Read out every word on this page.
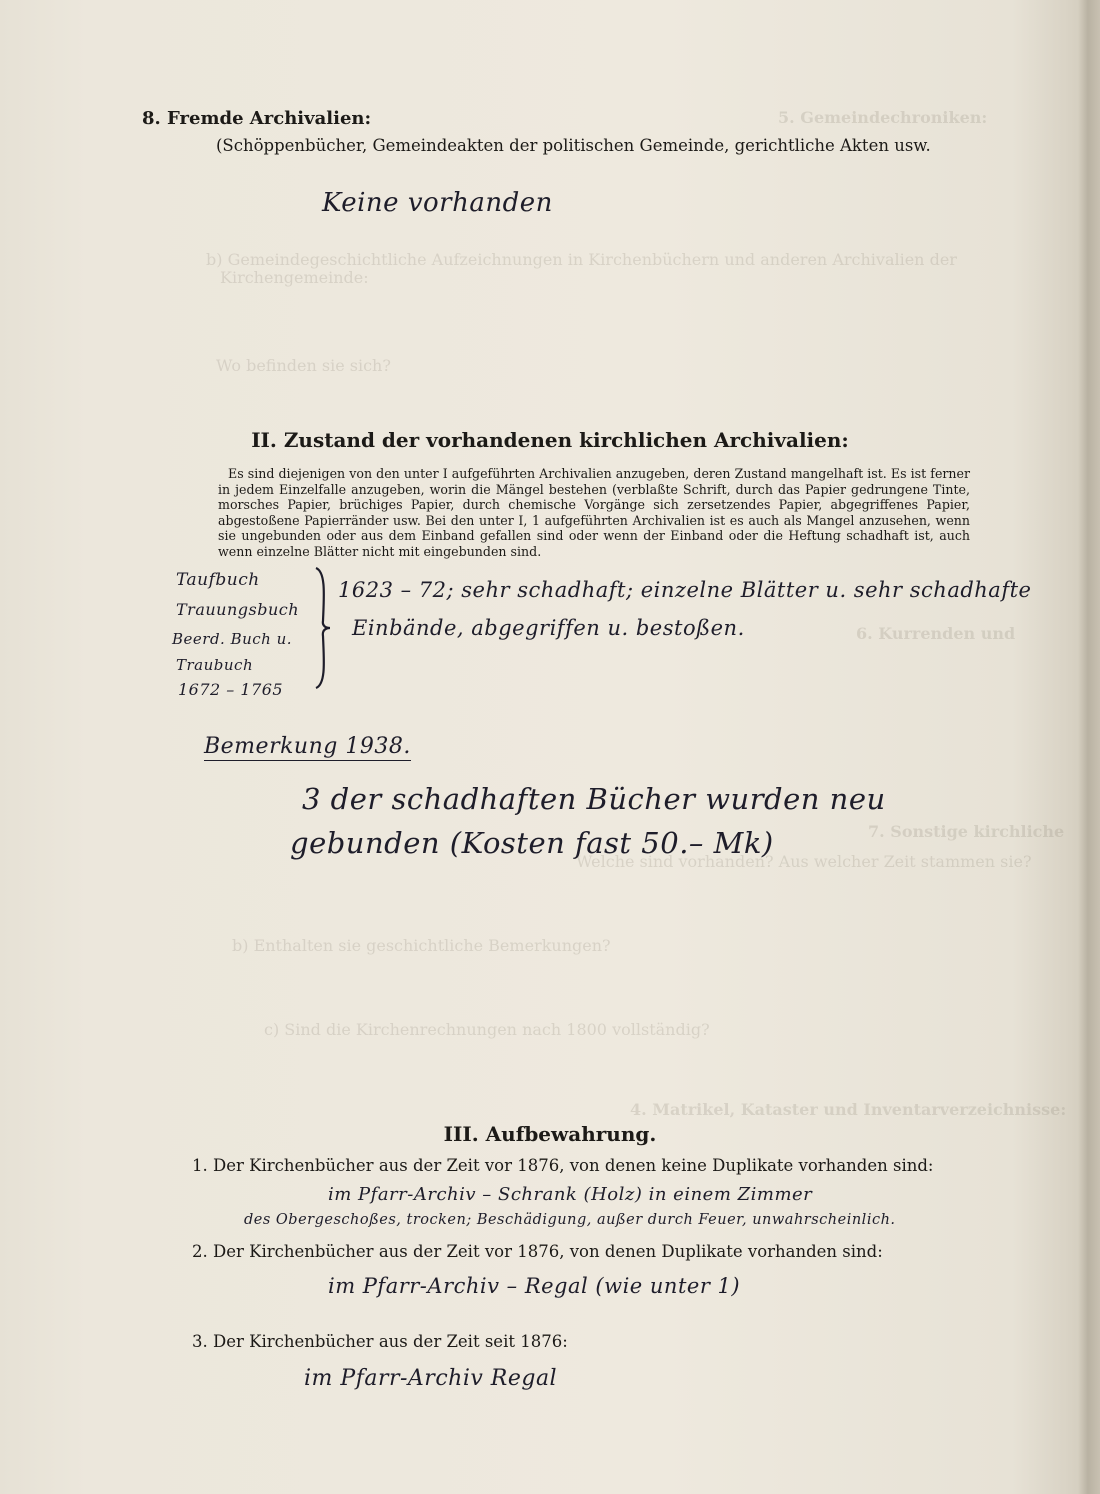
5. Gemeindechroniken:
b) Gemeindegeschichtliche Aufzeichnungen in Kirchenbüchern und anderen Archivalien der
Kirchengemeinde:
Wo befinden sie sich?
6. Kurrenden und
7. Sonstige kirchliche
Welche sind vorhanden? Aus welcher Zeit stammen sie?
b) Enthalten sie geschichtliche Bemerkungen?
c) Sind die Kirchenrechnungen nach 1800 vollständig?
4. Matrikel, Kataster und Inventarverzeichnisse:
8. Fremde Archivalien:
(Schöppenbücher, Gemeindeakten der politischen Gemeinde, gerichtliche Akten usw.
Keine vorhanden
II. Zustand der vorhandenen kirchlichen Archivalien:
Es sind diejenigen von den unter I aufgeführten Archivalien anzugeben, deren Zustand mangelhaft ist. Es ist ferner in jedem Einzelfalle anzugeben, worin die Mängel bestehen (verblaßte Schrift, durch das Papier gedrungene Tinte, morsches Papier, brüchiges Papier, durch chemische Vorgänge sich zersetzendes Papier, abgegriffenes Papier, abgestoßene Papierränder usw. Bei den unter I, 1 aufgeführten Archivalien ist es auch als Mangel anzusehen, wenn sie ungebunden oder aus dem Einband gefallen sind oder wenn der Einband oder die Heftung schadhaft ist, auch wenn einzelne Blätter nicht mit eingebunden sind.
Taufbuch
Trauungsbuch
Beerd. Buch u.
Traubuch
1672 – 1765
1623 – 72; sehr schadhaft; einzelne Blätter u. sehr schadhafte
Einbände, abgegriffen u. bestoßen.
Bemerkung 1938.
3 der schadhaften Bücher wurden neu
gebunden (Kosten fast 50.– Mk)
III. Aufbewahrung.
1. Der Kirchenbücher aus der Zeit vor 1876, von denen keine Duplikate vorhanden sind:
im Pfarr-Archiv – Schrank (Holz) in einem Zimmer
des Obergeschoßes, trocken; Beschädigung, außer durch Feuer, unwahrscheinlich.
2. Der Kirchenbücher aus der Zeit vor 1876, von denen Duplikate vorhanden sind:
im Pfarr-Archiv – Regal (wie unter 1)
3. Der Kirchenbücher aus der Zeit seit 1876:
im Pfarr-Archiv Regal
